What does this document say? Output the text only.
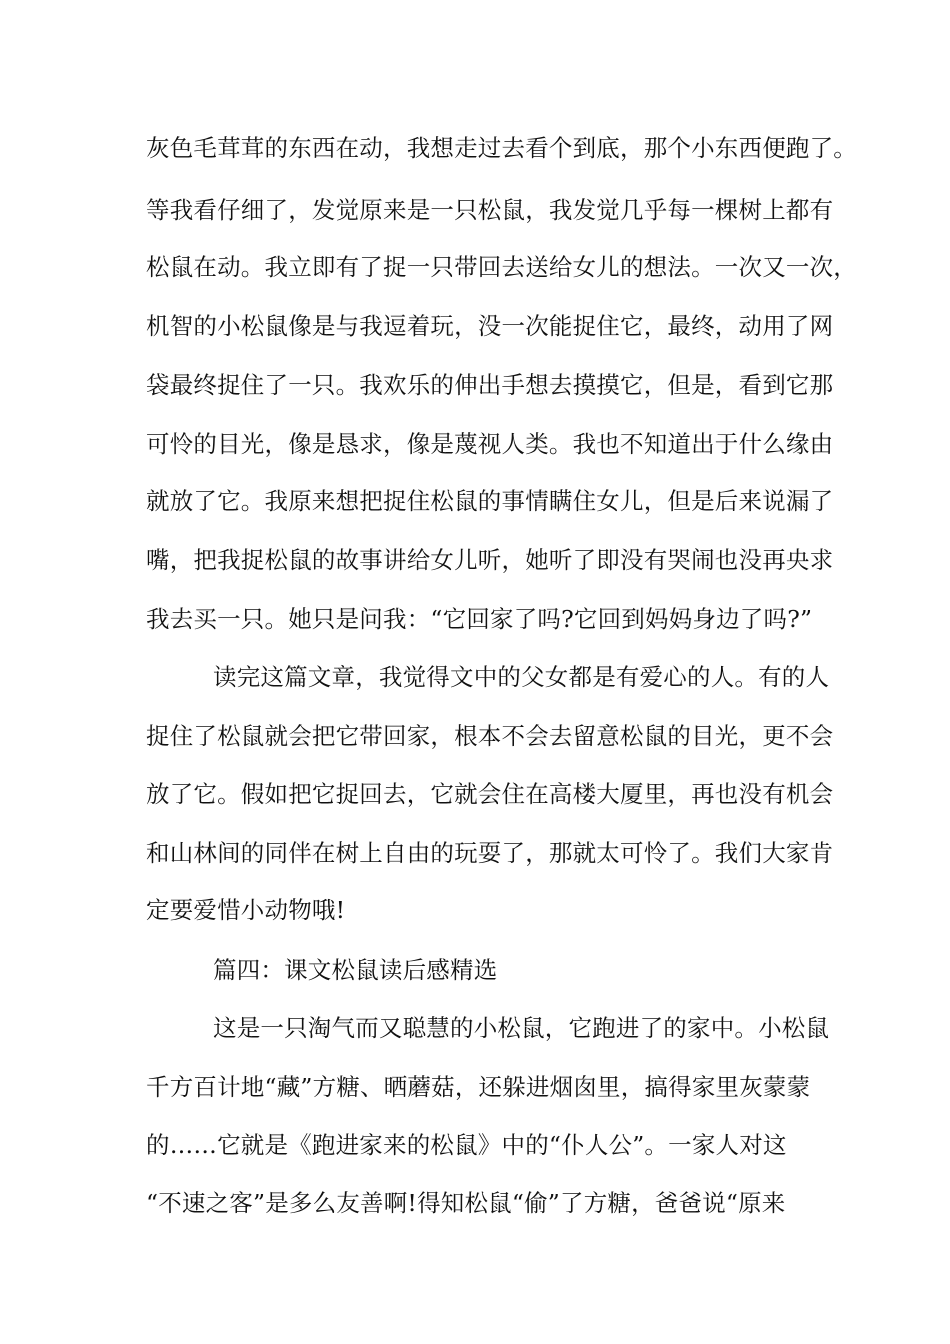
灰色毛茸茸的东西在动，我想走过去看个到底，那个小东西便跑了。
等我看仔细了，发觉原来是一只松鼠，我发觉几乎每一棵树上都有
松鼠在动。我立即有了捉一只带回去送给女儿的想法。一次又一次，
机智的小松鼠像是与我逗着玩，没一次能捉住它，最终，动用了网
袋最终捉住了一只。我欢乐的伸出手想去摸摸它，但是，看到它那
可怜的目光，像是恳求，像是蔑视人类。我也不知道出于什么缘由
就放了它。我原来想把捉住松鼠的事情瞒住女儿，但是后来说漏了
嘴，把我捉松鼠的故事讲给女儿听，她听了即没有哭闹也没再央求
我去买一只。她只是问我：“它回家了吗?它回到妈妈身边了吗?”
读完这篇文章，我觉得文中的父女都是有爱心的人。有的人
捉住了松鼠就会把它带回家，根本不会去留意松鼠的目光，更不会
放了它。假如把它捉回去，它就会住在高楼大厦里，再也没有机会
和山林间的同伴在树上自由的玩耍了，那就太可怜了。我们大家肯
定要爱惜小动物哦!
篇四：课文松鼠读后感精选
这是一只淘气而又聪慧的小松鼠，它跑进了的家中。小松鼠
千方百计地“藏”方糖、晒蘑菇，还躲进烟囱里，搞得家里灰蒙蒙
的……它就是《跑进家来的松鼠》中的“仆人公”。一家人对这
“不速之客”是多么友善啊!得知松鼠“偷”了方糖，爸爸说“原来
